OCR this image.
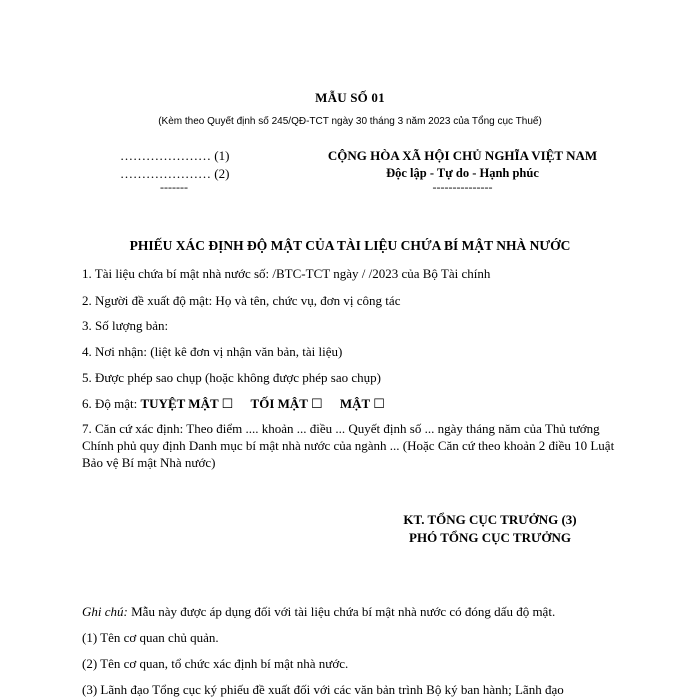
MẪU SỐ 01
(Kèm theo Quyết định số 245/QĐ-TCT ngày 30 tháng 3 năm 2023 của Tổng cục Thuế)
………………… (1)
………………… (2)
-------
CỘNG HÒA XÃ HỘI CHỦ NGHĨA VIỆT NAM
Độc lập - Tự do - Hạnh phúc
---------------
PHIẾU XÁC ĐỊNH ĐỘ MẬT CỦA TÀI LIỆU CHỨA BÍ MẬT NHÀ NƯỚC
1. Tài liệu chứa bí mật nhà nước số: /BTC-TCT ngày / /2023 của Bộ Tài chính
2. Người đề xuất độ mật: Họ và tên, chức vụ, đơn vị công tác
3. Số lượng bản:
4. Nơi nhận: (liệt kê đơn vị nhận văn bản, tài liệu)
5. Được phép sao chụp (hoặc không được phép sao chụp)
6. Độ mật: TUYỆT MẬT ☐ TỐI MẬT ☐ MẬT ☐
7. Căn cứ xác định: Theo điểm .... khoản ... điều ... Quyết định số ... ngày tháng năm của Thủ tướng Chính phủ quy định Danh mục bí mật nhà nước của ngành ... (Hoặc Căn cứ theo khoản 2 điều 10 Luật Bảo vệ Bí mật Nhà nước)
KT. TỔNG CỤC TRƯỞNG (3)
PHÓ TỔNG CỤC TRƯỞNG
Ghi chú: Mẫu này được áp dụng đối với tài liệu chứa bí mật nhà nước có đóng dấu độ mật.
(1) Tên cơ quan chủ quản.
(2) Tên cơ quan, tổ chức xác định bí mật nhà nước.
(3) Lãnh đạo Tổng cục ký phiếu đề xuất đối với các văn bản trình Bộ ký ban hành; Lãnh đạo
